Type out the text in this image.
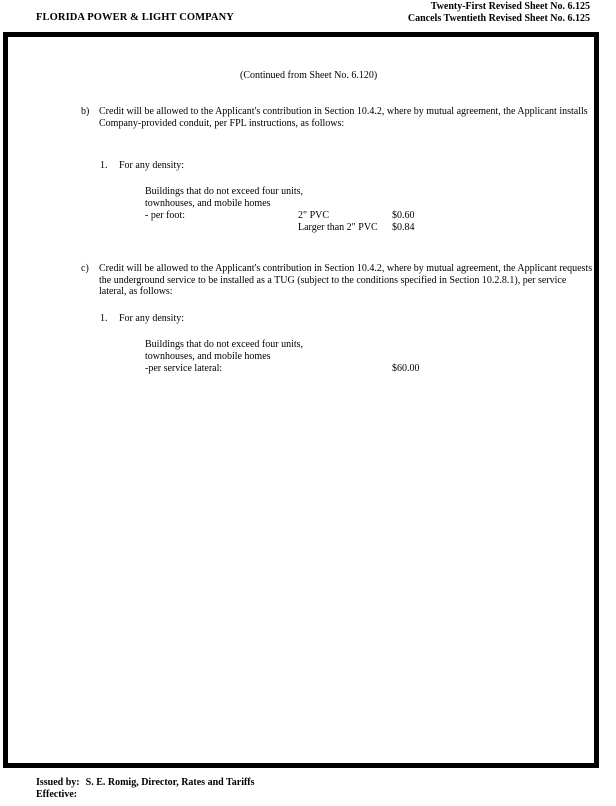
FLORIDA POWER & LIGHT COMPANY
Twenty-First Revised Sheet No. 6.125
Cancels Twentieth Revised Sheet No. 6.125
(Continued from Sheet No. 6.120)
b) Credit will be allowed to the Applicant's contribution in Section 10.4.2, where by mutual agreement, the Applicant installs Company-provided conduit, per FPL instructions, as follows:
1. For any density:
Buildings that do not exceed four units,
townhouses, and mobile homes
- per foot:	2" PVC	$0.60
Larger than 2" PVC $0.84
c) Credit will be allowed to the Applicant's contribution in Section 10.4.2, where by mutual agreement, the Applicant requests the underground service to be installed as a TUG (subject to the conditions specified in Section 10.2.8.1), per service lateral, as follows:
1. For any density:
Buildings that do not exceed four units,
townhouses, and mobile homes
-per service lateral:	$60.00
Issued by: S. E. Romig, Director, Rates and Tariffs
Effective:
